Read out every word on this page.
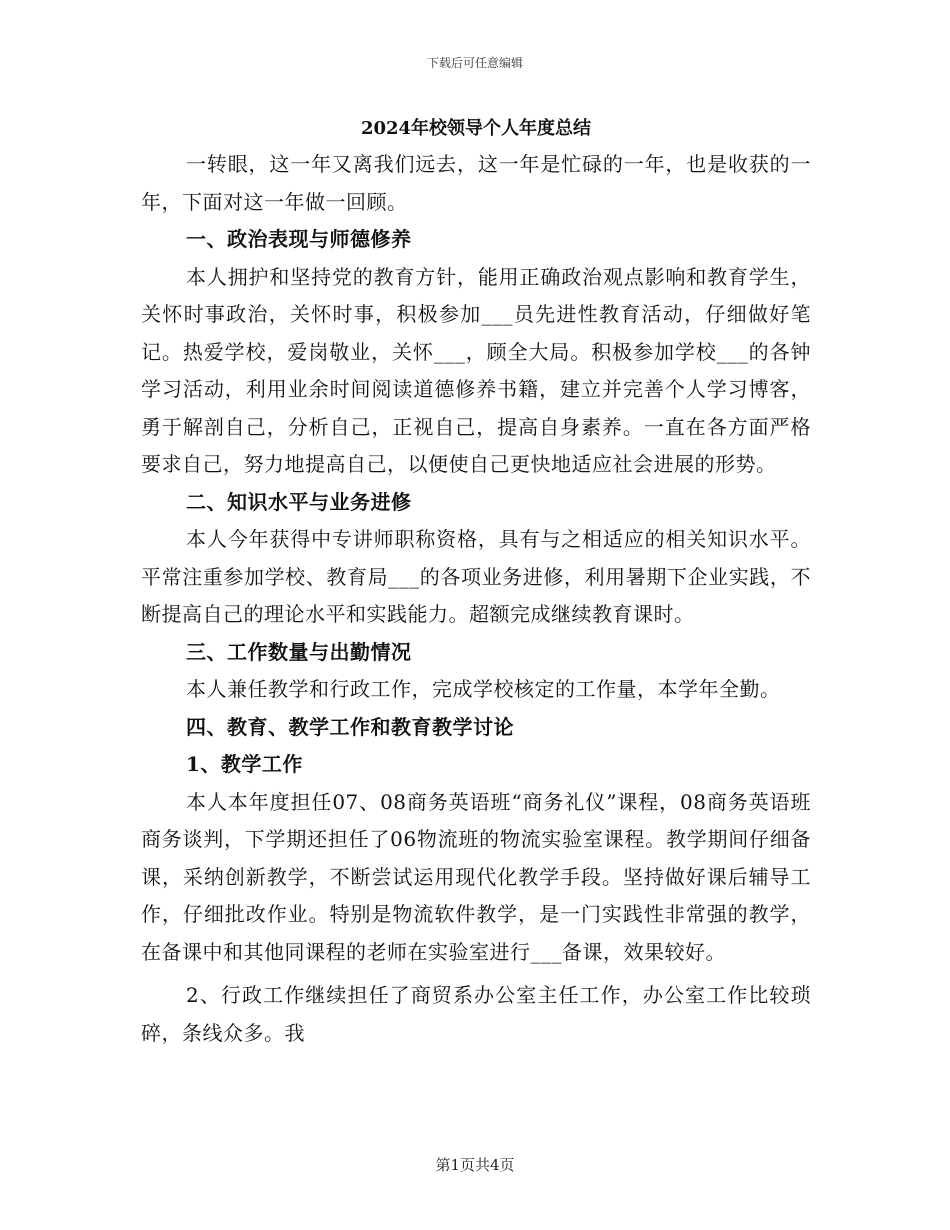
下载后可任意编辑

2024年校领导个人年度总结

一转眼，这一年又离我们远去，这一年是忙碌的一年，也是收获的一年，下面对这一年做一回顾。

一、政治表现与师德修养

本人拥护和坚持党的教育方针，能用正确政治观点影响和教育学生，关怀时事政治，关怀时事，积极参加___员先进性教育活动，仔细做好笔记。热爱学校，爱岗敬业，关怀___，顾全大局。积极参加学校___的各钟学习活动，利用业余时间阅读道德修养书籍，建立并完善个人学习博客，勇于解剖自己，分析自己，正视自己，提高自身素养。一直在各方面严格要求自己，努力地提高自己，以便使自己更快地适应社会进展的形势。

二、知识水平与业务进修

本人今年获得中专讲师职称资格，具有与之相适应的相关知识水平。平常注重参加学校、教育局___的各项业务进修，利用暑期下企业实践，不断提高自己的理论水平和实践能力。超额完成继续教育课时。

三、工作数量与出勤情况

本人兼任教学和行政工作，完成学校核定的工作量，本学年全勤。

四、教育、教学工作和教育教学讨论

1、教学工作

本人本年度担任07、08商务英语班“商务礼仪”课程，08商务英语班商务谈判，下学期还担任了06物流班的物流实验室课程。教学期间仔细备课，采纳创新教学，不断尝试运用现代化教学手段。坚持做好课后辅导工作，仔细批改作业。特别是物流软件教学，是一门实践性非常强的教学，在备课中和其他同课程的老师在实验室进行___备课，效果较好。

2、行政工作继续担任了商贸系办公室主任工作，办公室工作比较琐碎，条线众多。我

第1页共4页
